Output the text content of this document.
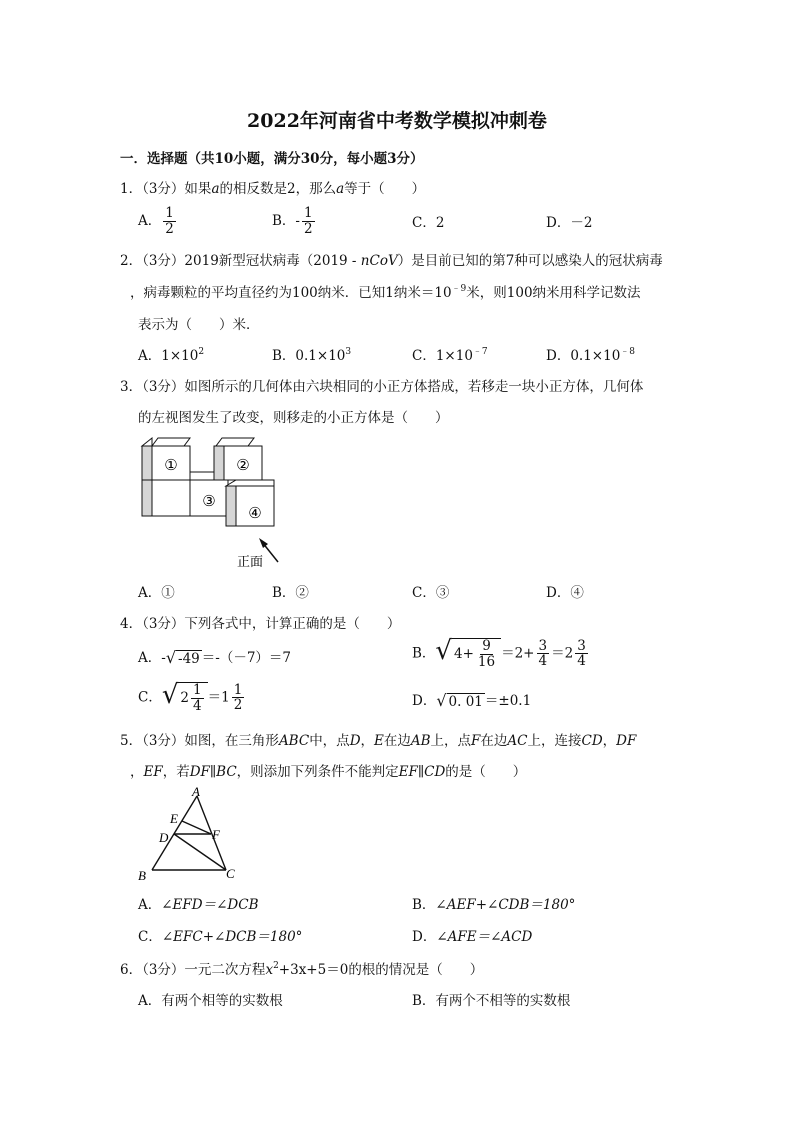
2022年河南省中考数学模拟冲刺卷
一．选择题（共10小题，满分30分，每小题3分）
1．（3分）如果a的相反数是2，那么a等于（　　）
A． $\frac{1}{2}$	B．- $\frac{1}{2}$	C．2	D．－2
2．（3分）2019新型冠状病毒（2019 - nCoV）是目前已知的第7种可以感染人的冠状病毒
，病毒颗粒的平均直径约为100纳米．已知1纳米$=10^{﹣9}$米，则100纳米用科学记数法
表示为（　　）米．
A．$1\times 10^2$	B．$0.1\times 10^3$	C．$1\times 10^{﹣7}$	D．$0.1\times 10^{﹣8}$
3．（3分）如图所示的几何体由六块相同的小正方体搭成，若移走一块小正方体，几何体
的左视图发生了改变，则移走的小正方体是（　　）
①	②
③
④
正面
A．①	B．②	C．③	D．④
4．（3分）下列各式中，计算正确的是（　　）
A．- √ -49 ＝-（－7）＝7	B． √ $4+ \frac{9}{16} =2+ \frac{3}{4} =2 \frac{3}{4}$
C． √ $2 \frac{1}{4} =1 \frac{1}{2}$	D． √ 0. 01 ＝±0.1
5．（3分）如图，在三角形ABC中，点D，E在边AB上，点F在边AC上，连接CD，DF
，EF，若DF∥BC，则添加下列条件不能判定EF∥CD的是（　　）
A
E
D	F
B	C
A．∠EFD＝∠DCB	B．∠AEF+∠CDB＝180°
C．∠EFC+∠DCB＝180°	D．∠AFE＝∠ACD
6．（3分）一元二次方程$x^2+3x+5=0$的根的情况是（　　）
A．有两个相等的实数根	B．有两个不相等的实数根
